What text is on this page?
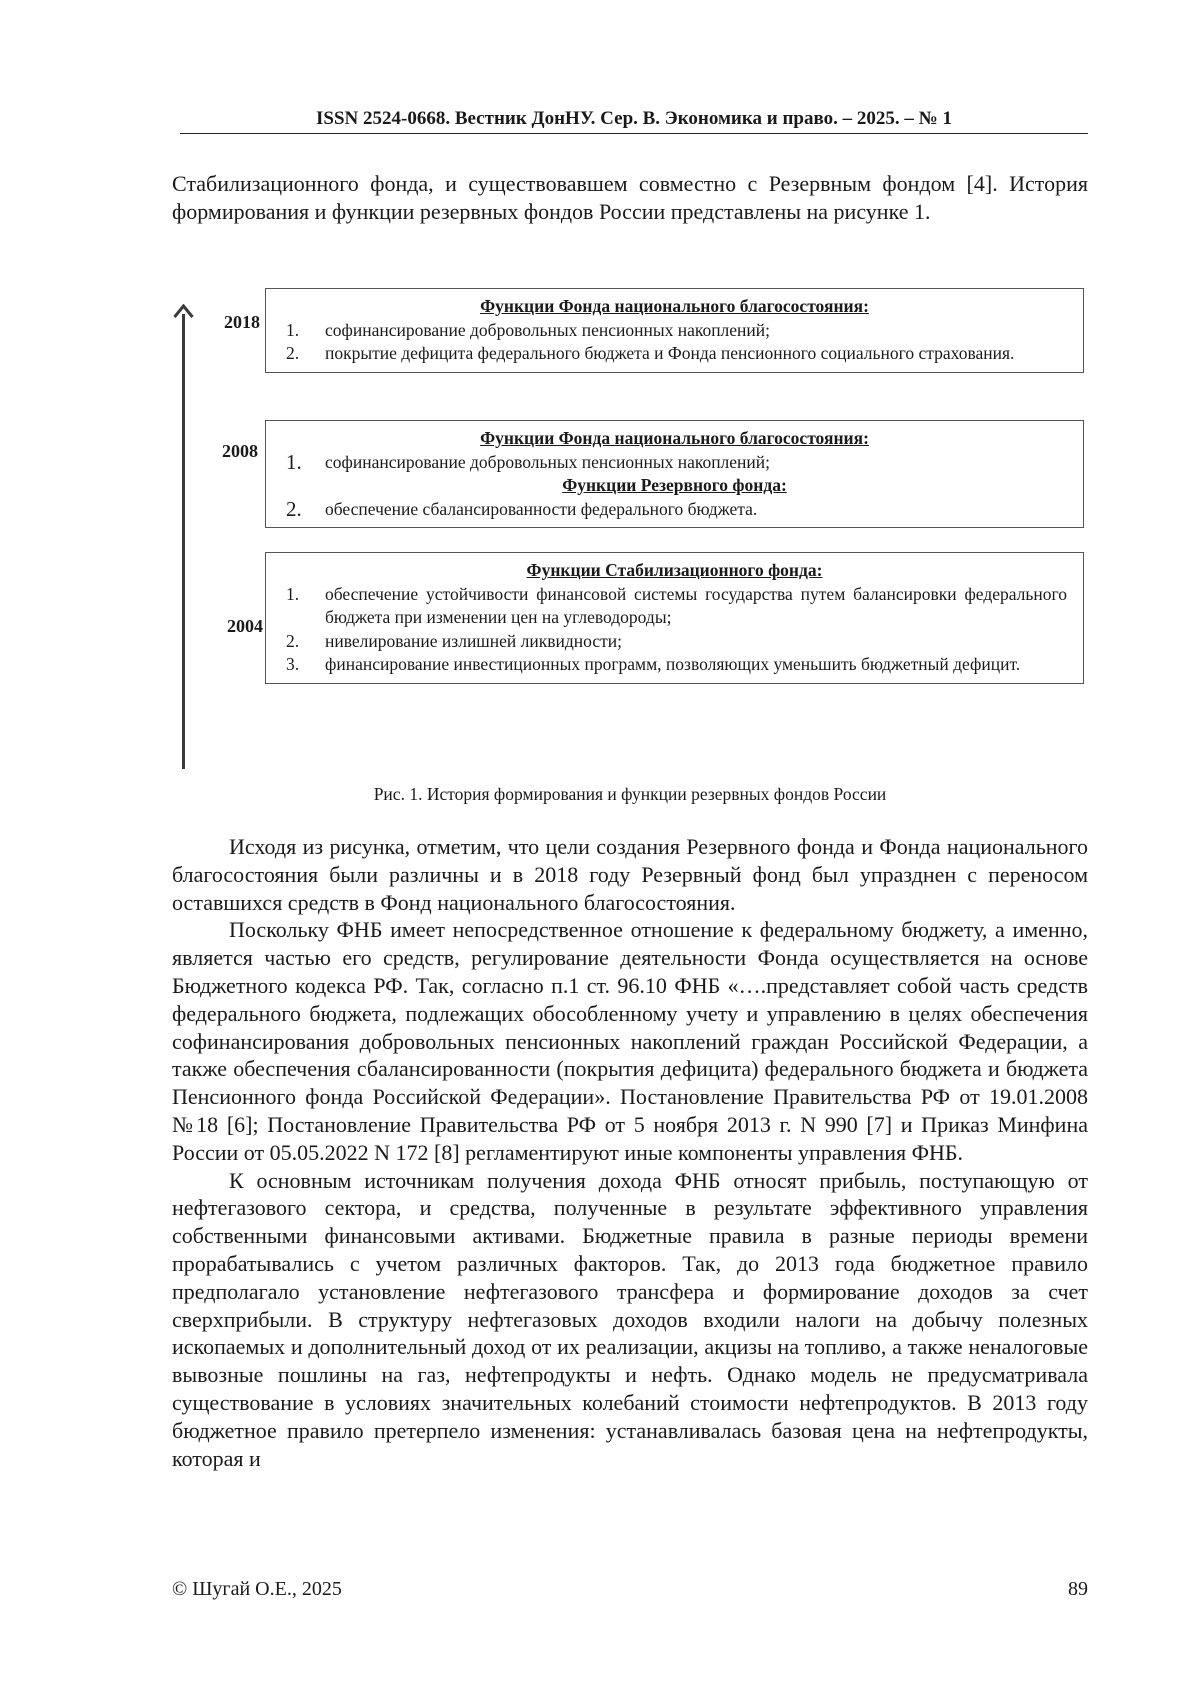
ISSN 2524-0668. Вестник ДонНУ. Сер. В. Экономика и право. – 2025. – № 1

Стабилизационного фонда, и существовавшем совместно с Резервным фондом [4]. История формирования и функции резервных фондов России представлены на рисунке 1.

2018
Функции Фонда национального благосостояния:
1. софинансирование добровольных пенсионных накоплений;
2. покрытие дефицита федерального бюджета и Фонда пенсионного социального страхования.
2008
Функции Фонда национального благосостояния:
1. софинансирование добровольных пенсионных накоплений;
Функции Резервного фонда:
2. обеспечение сбалансированности федерального бюджета.
2004
Функции Стабилизационного фонда:
1. обеспечение устойчивости финансовой системы государства путем балансировки федерального бюджета при изменении цен на углеводороды;
2. нивелирование излишней ликвидности;
3. финансирование инвестиционных программ, позволяющих уменьшить бюджетный дефицит.
Рис. 1. История формирования и функции резервных фондов России

Исходя из рисунка, отметим, что цели создания Резервного фонда и Фонда национального благосостояния были различны и в 2018 году Резервный фонд был упразднен с переносом оставшихся средств в Фонд национального благосостояния.

Поскольку ФНБ имеет непосредственное отношение к федеральному бюджету, а именно, является частью его средств, регулирование деятельности Фонда осуществляется на основе Бюджетного кодекса РФ. Так, согласно п.1 ст. 96.10 ФНБ «….представляет собой часть средств федерального бюджета, подлежащих обособленному учету и управлению в целях обеспечения софинансирования добровольных пенсионных накоплений граждан Российской Федерации, а также обеспечения сбалансированности (покрытия дефицита) федерального бюджета и бюджета Пенсионного фонда Российской Федерации». Постановление Правительства РФ от 19.01.2008 №18 [6]; Постановление Правительства РФ от 5 ноября 2013 г. N 990 [7] и Приказ Минфина России от 05.05.2022 N 172 [8] регламентируют иные компоненты управления ФНБ.

К основным источникам получения дохода ФНБ относят прибыль, поступающую от нефтегазового сектора, и средства, полученные в результате эффективного управления собственными финансовыми активами. Бюджетные правила в разные периоды времени прорабатывались с учетом различных факторов. Так, до 2013 года бюджетное правило предполагало установление нефтегазового трансфера и формирование доходов за счет сверхприбыли. В структуру нефтегазовых доходов входили налоги на добычу полезных ископаемых и дополнительный доход от их реализации, акцизы на топливо, а также неналоговые вывозные пошлины на газ, нефтепродукты и нефть. Однако модель не предусматривала существование в условиях значительных колебаний стоимости нефтепродуктов. В 2013 году бюджетное правило претерпело изменения: устанавливалась базовая цена на нефтепродукты, которая и

© Шугай О.Е., 2025	89
